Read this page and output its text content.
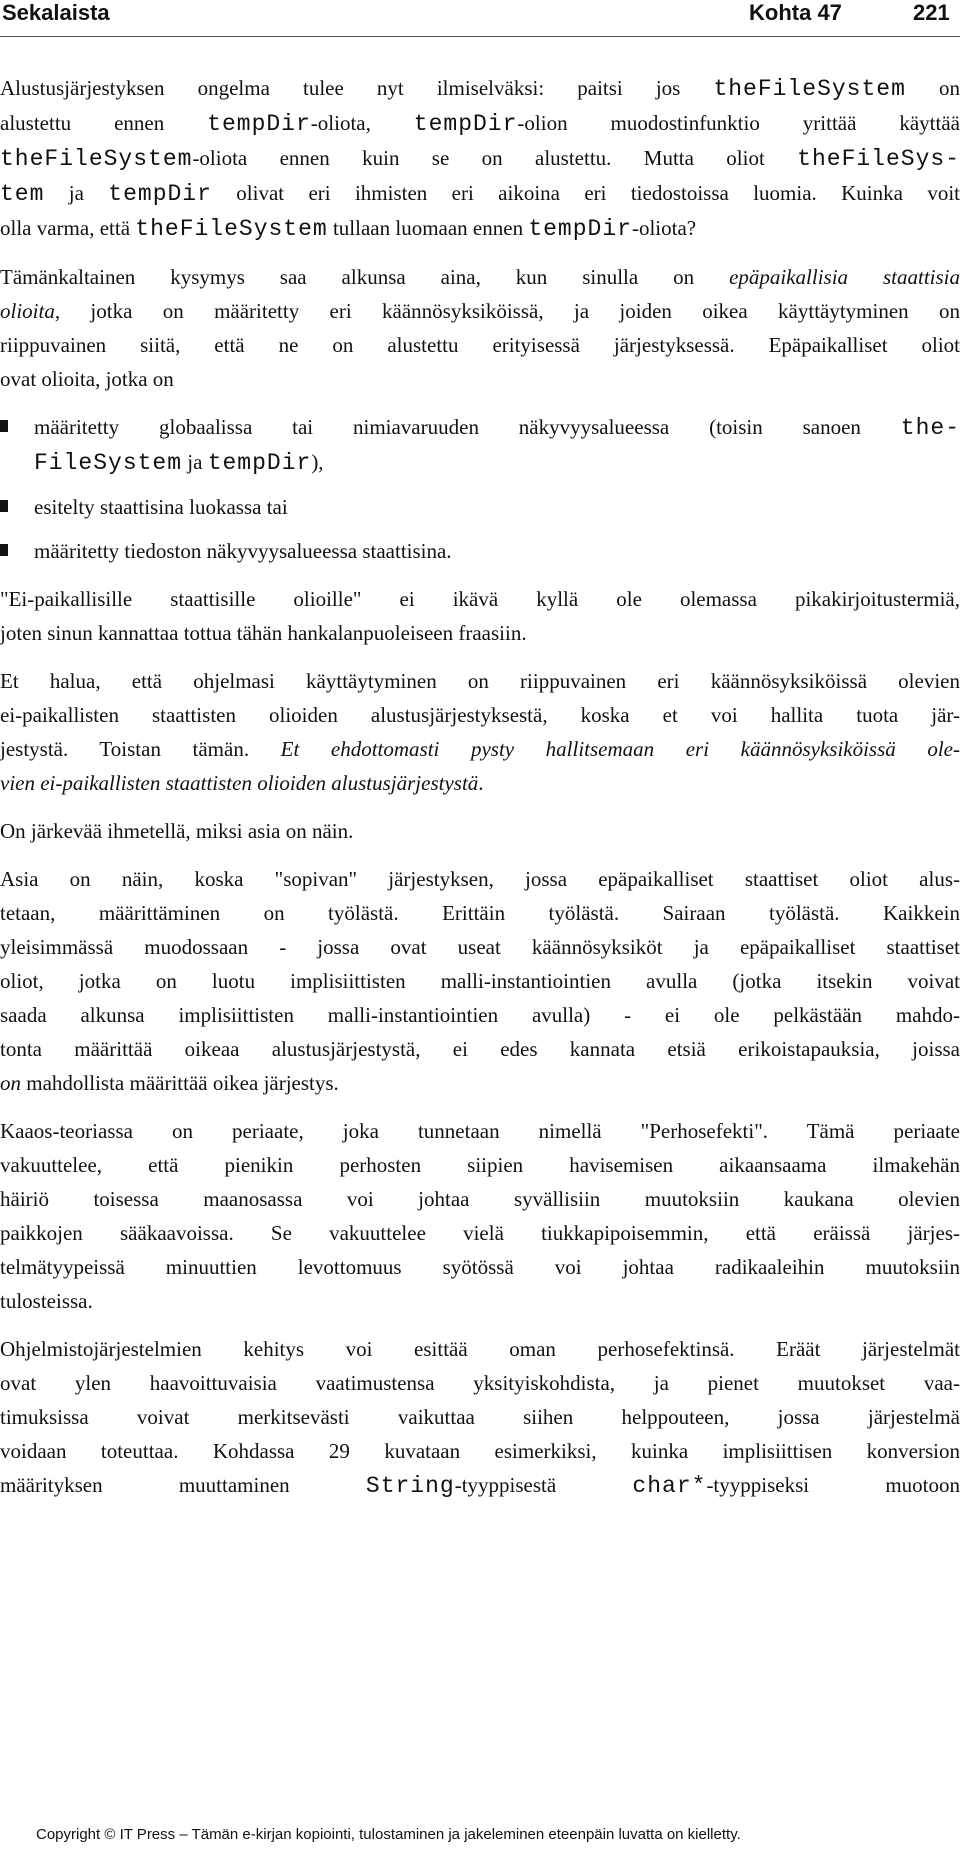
Sekalaista	Kohta 47	221
Alustusjärjestyksen ongelma tulee nyt ilmiselväksi: paitsi jos theFileSystem on
alustettu ennen tempDir-oliota, tempDir-olion muodostinfunktio yrittää käyttää
theFileSystem-oliota ennen kuin se on alustettu. Mutta oliot theFileSys-
tem ja tempDir olivat eri ihmisten eri aikoina eri tiedostoissa luomia. Kuinka voit
olla varma, että theFileSystem tullaan luomaan ennen tempDir-oliota?
Tämänkaltainen kysymys saa alkunsa aina, kun sinulla on epäpaikallisia staattisia
olioita, jotka on määritetty eri käännösyksiköissä, ja joiden oikea käyttäytyminen on
riippuvainen siitä, että ne on alustettu erityisessä järjestyksessä. Epäpaikalliset oliot
ovat olioita, jotka on
määritetty globaalissa tai nimiavaruuden näkyvyysalueessa (toisin sanoen the-
FileSystem ja tempDir),
esitelty staattisina luokassa tai
määritetty tiedoston näkyvyysalueessa staattisina.
"Ei-paikallisille staattisille olioille" ei ikävä kyllä ole olemassa pikakirjoitustermiä,
joten sinun kannattaa tottua tähän hankalanpuoleiseen fraasiin.
Et halua, että ohjelmasi käyttäytyminen on riippuvainen eri käännösyksiköissä olevien
ei-paikallisten staattisten olioiden alustusjärjestyksestä, koska et voi hallita tuota jär-
jestystä. Toistan tämän. Et ehdottomasti pysty hallitsemaan eri käännösyksiköissä ole-
vien ei-paikallisten staattisten olioiden alustusjärjestystä.
On järkevää ihmetellä, miksi asia on näin.
Asia on näin, koska "sopivan" järjestyksen, jossa epäpaikalliset staattiset oliot alus-
tetaan, määrittäminen on työlästä. Erittäin työlästä. Sairaan työlästä. Kaikkein
yleisimmässä muodossaan - jossa ovat useat käännösyksiköt ja epäpaikalliset staattiset
oliot, jotka on luotu implisiittisten malli-instantiointien avulla (jotka itsekin voivat
saada alkunsa implisiittisten malli-instantiointien avulla) - ei ole pelkästään mahdo-
tonta määrittää oikeaa alustusjärjestystä, ei edes kannata etsiä erikoistapauksia, joissa
on mahdollista määrittää oikea järjestys.
Kaaos-teoriassa on periaate, joka tunnetaan nimellä "Perhosefekti". Tämä periaate
vakuuttelee, että pienikin perhosten siipien havisemisen aikaansaama ilmakehän
häiriö toisessa maanosassa voi johtaa syvällisiin muutoksiin kaukana olevien
paikkojen sääkaavoissa. Se vakuuttelee vielä tiukkapipoisemmin, että eräissä järjes-
telmätyypeissä minuuttien levottomuus syötössä voi johtaa radikaaleihin muutoksiin
tulosteissa.
Ohjelmistojärjestelmien kehitys voi esittää oman perhosefektinsä. Eräät järjestelmät
ovat ylen haavoittuvaisia vaatimustensa yksityiskohdista, ja pienet muutokset vaa-
timuksissa voivat merkitsevästi vaikuttaa siihen helppouteen, jossa järjestelmä
voidaan toteuttaa. Kohdassa 29 kuvataan esimerkiksi, kuinka implisiittisen konversion
määrityksen muuttaminen String-tyyppisestä char*-tyyppiseksi muotoon
Copyright © IT Press – Tämän e-kirjan kopiointi, tulostaminen ja jakeleminen eteenpäin luvatta on kielletty.
